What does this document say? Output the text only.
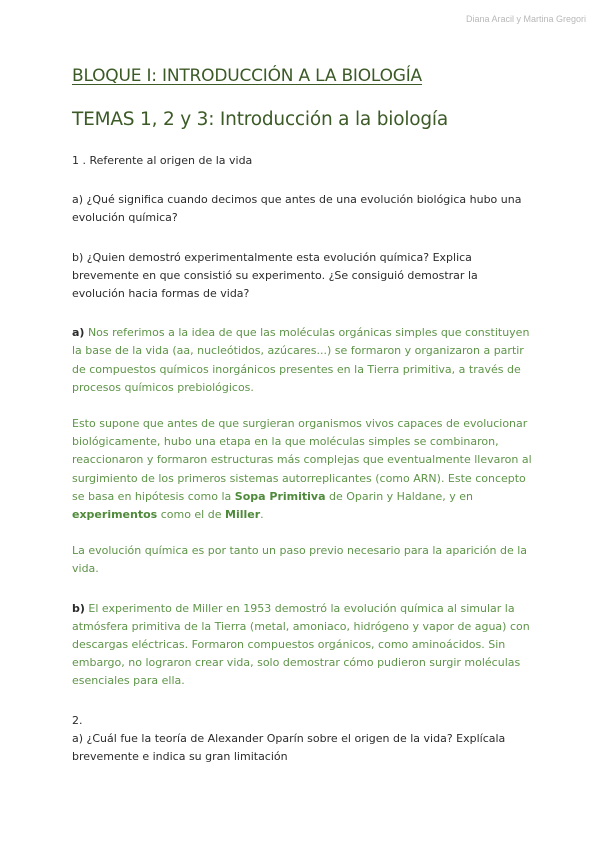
Diana Aracil y Martina Gregori
BLOQUE I: INTRODUCCIÓN A LA BIOLOGÍA
TEMAS 1, 2 y 3: Introducción a la biología

1 . Referente al origen de la vida

a) ¿Qué significa cuando decimos que antes de una evolución biológica hubo una evolución química?

b) ¿Quien demostró experimentalmente esta evolución química? Explica brevemente en que consistió su experimento. ¿Se consiguió demostrar la evolución hacia formas de vida?

a) Nos referimos a la idea de que las moléculas orgánicas simples que constituyen la base de la vida (aa, nucleótidos, azúcares...) se formaron y organizaron a partir de compuestos químicos inorgánicos presentes en la Tierra primitiva, a través de procesos químicos prebiológicos.

Esto supone que antes de que surgieran organismos vivos capaces de evolucionar biológicamente, hubo una etapa en la que moléculas simples se combinaron, reaccionaron y formaron estructuras más complejas que eventualmente llevaron al surgimiento de los primeros sistemas autorreplicantes (como ARN). Este concepto se basa en hipótesis como la Sopa Primitiva de Oparin y Haldane, y en experimentos como el de Miller.

La evolución química es por tanto un paso previo necesario para la aparición de la vida.

b) El experimento de Miller en 1953 demostró la evolución química al simular la atmósfera primitiva de la Tierra (metal, amoniaco, hidrógeno y vapor de agua) con descargas eléctricas. Formaron compuestos orgánicos, como aminoácidos. Sin embargo, no lograron crear vida, solo demostrar cómo pudieron surgir moléculas esenciales para ella.

2.

a) ¿Cuál fue la teoría de Alexander Oparín sobre el origen de la vida? Explícala brevemente e indica su gran limitación
